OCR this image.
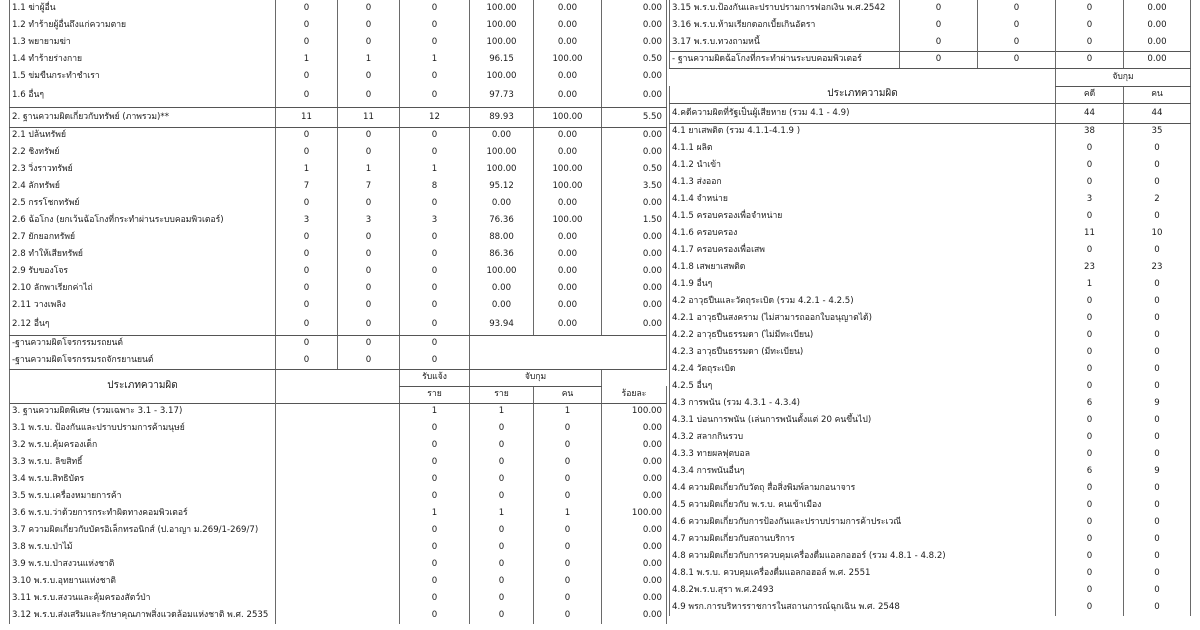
1.1 ฆ่าผู้อื่น	0	0	0	100.00	0.00	0.00
1.2 ทำร้ายผู้อื่นถึงแก่ความตาย	0	0	0	100.00	0.00	0.00
1.3 พยายามฆ่า	0	0	0	100.00	0.00	0.00
1.4 ทำร้ายร่างกาย	1	1	1	96.15	100.00	0.50
1.5 ข่มขืนกระทำชำเรา	0	0	0	100.00	0.00	0.00
1.6 อื่นๆ	0	0	0	97.73	0.00	0.00
2. ฐานความผิดเกี่ยวกับทรัพย์ (ภาพรวม)**	11	11	12	89.93	100.00	5.50
2.1 ปล้นทรัพย์	0	0	0	0.00	0.00	0.00
2.2 ชิงทรัพย์	0	0	0	100.00	0.00	0.00
2.3 วิ่งราวทรัพย์	1	1	1	100.00	100.00	0.50
2.4 ลักทรัพย์	7	7	8	95.12	100.00	3.50
2.5 กรรโชกทรัพย์	0	0	0	0.00	0.00	0.00
2.6 ฉ้อโกง (ยกเว้นฉ้อโกงที่กระทำผ่านระบบคอมพิวเตอร์)	3	3	3	76.36	100.00	1.50
2.7 ยักยอกทรัพย์	0	0	0	88.00	0.00	0.00
2.8 ทำให้เสียทรัพย์	0	0	0	86.36	0.00	0.00
2.9 รับของโจร	0	0	0	100.00	0.00	0.00
2.10 ลักพาเรียกค่าไถ่	0	0	0	0.00	0.00	0.00
2.11 วางเพลิง	0	0	0	0.00	0.00	0.00
2.12 อื่นๆ	0	0	0	93.94	0.00	0.00
-ฐานความผิดโจรกรรมรถยนต์	0	0	0			
-ฐานความผิดโจรกรรมรถจักรยานยนต์	0	0	0			
ประเภทความผิด			รับแจ้ง	จับกุม		
			ราย	ราย	คน	ร้อยละ
3. ฐานความผิดพิเศษ (รวมเฉพาะ 3.1 - 3.17)			1	1	1	100.00
3.1 พ.ร.บ. ป้องกันและปราบปรามการค้ามนุษย์			0	0	0	0.00
3.2 พ.ร.บ.คุ้มครองเด็ก			0	0	0	0.00
3.3 พ.ร.บ. ลิขสิทธิ์			0	0	0	0.00
3.4 พ.ร.บ.สิทธิบัตร			0	0	0	0.00
3.5 พ.ร.บ.เครื่องหมายการค้า			0	0	0	0.00
3.6 พ.ร.บ.ว่าด้วยการกระทำผิดทางคอมพิวเตอร์			1	1	1	100.00
3.7 ความผิดเกี่ยวกับบัตรอิเล็กทรอนิกส์ (ป.อาญา ม.269/1-269/7)			0	0	0	0.00
3.8 พ.ร.บ.ป่าไม้			0	0	0	0.00
3.9 พ.ร.บ.ป่าสงวนแห่งชาติ			0	0	0	0.00
3.10 พ.ร.บ.อุทยานแห่งชาติ			0	0	0	0.00
3.11 พ.ร.บ.สงวนและคุ้มครองสัตว์ป่า			0	0	0	0.00
3.12 พ.ร.บ.ส่งเสริมและรักษาคุณภาพสิ่งแวดล้อมแห่งชาติ พ.ศ. 2535			0	0	0	0.00
3.15 พ.ร.บ.ป้องกันและปราบปรามการฟอกเงิน พ.ศ.2542	0	0	0	0.00
3.16 พ.ร.บ.ห้ามเรียกดอกเบี้ยเกินอัตรา	0	0	0	0.00
3.17 พ.ร.บ.ทวงถามหนี้	0	0	0	0.00
- ฐานความผิดฉ้อโกงที่กระทำผ่านระบบคอมพิวเตอร์	0	0	0	0.00
			จับกุม	
ประเภทความผิด			คดี	คน
4.คดีความผิดที่รัฐเป็นผู้เสียหาย (รวม 4.1 - 4.9)			44	44
4.1 ยาเสพติด (รวม 4.1.1-4.1.9 )			38	35
4.1.1 ผลิต			0	0
4.1.2 นำเข้า			0	0
4.1.3 ส่งออก			0	0
4.1.4 จำหน่าย			3	2
4.1.5 ครอบครองเพื่อจำหน่าย			0	0
4.1.6 ครอบครอง			11	10
4.1.7 ครอบครองเพื่อเสพ			0	0
4.1.8 เสพยาเสพติด			23	23
4.1.9 อื่นๆ			1	0
4.2 อาวุธปืนและวัตถุระเบิด (รวม 4.2.1 - 4.2.5)			0	0
4.2.1 อาวุธปืนสงคราม (ไม่สามารถออกใบอนุญาตได้)			0	0
4.2.2 อาวุธปืนธรรมดา (ไม่มีทะเบียน)			0	0
4.2.3 อาวุธปืนธรรมดา (มีทะเบียน)			0	0
4.2.4 วัตถุระเบิด			0	0
4.2.5 อื่นๆ			0	0
4.3 การพนัน (รวม 4.3.1 - 4.3.4)			6	9
4.3.1 บ่อนการพนัน (เล่นการพนันตั้งแต่ 20 คนขึ้นไป)			0	0
4.3.2 สลากกินรวบ			0	0
4.3.3 ทายผลฟุตบอล			0	0
4.3.4 การพนันอื่นๆ			6	9
4.4 ความผิดเกี่ยวกับวัตถุ สื่อสิ่งพิมพ์ลามกอนาจาร			0	0
4.5 ความผิดเกี่ยวกับ พ.ร.บ. คนเข้าเมือง			0	0
4.6 ความผิดเกี่ยวกับการป้องกันและปราบปรามการค้าประเวณี			0	0
4.7 ความผิดเกี่ยวกับสถานบริการ			0	0
4.8 ความผิดเกี่ยวกับการควบคุมเครื่องดื่มแอลกอฮอร์ (รวม 4.8.1 - 4.8.2)			0	0
4.8.1 พ.ร.บ. ควบคุมเครื่องดื่มแอลกอฮอล์ พ.ศ. 2551			0	0
4.8.2พ.ร.บ.สุรา พ.ศ.2493			0	0
4.9 พรก.การบริหารราชการในสถานการณ์ฉุกเฉิน พ.ศ. 2548			0	0
